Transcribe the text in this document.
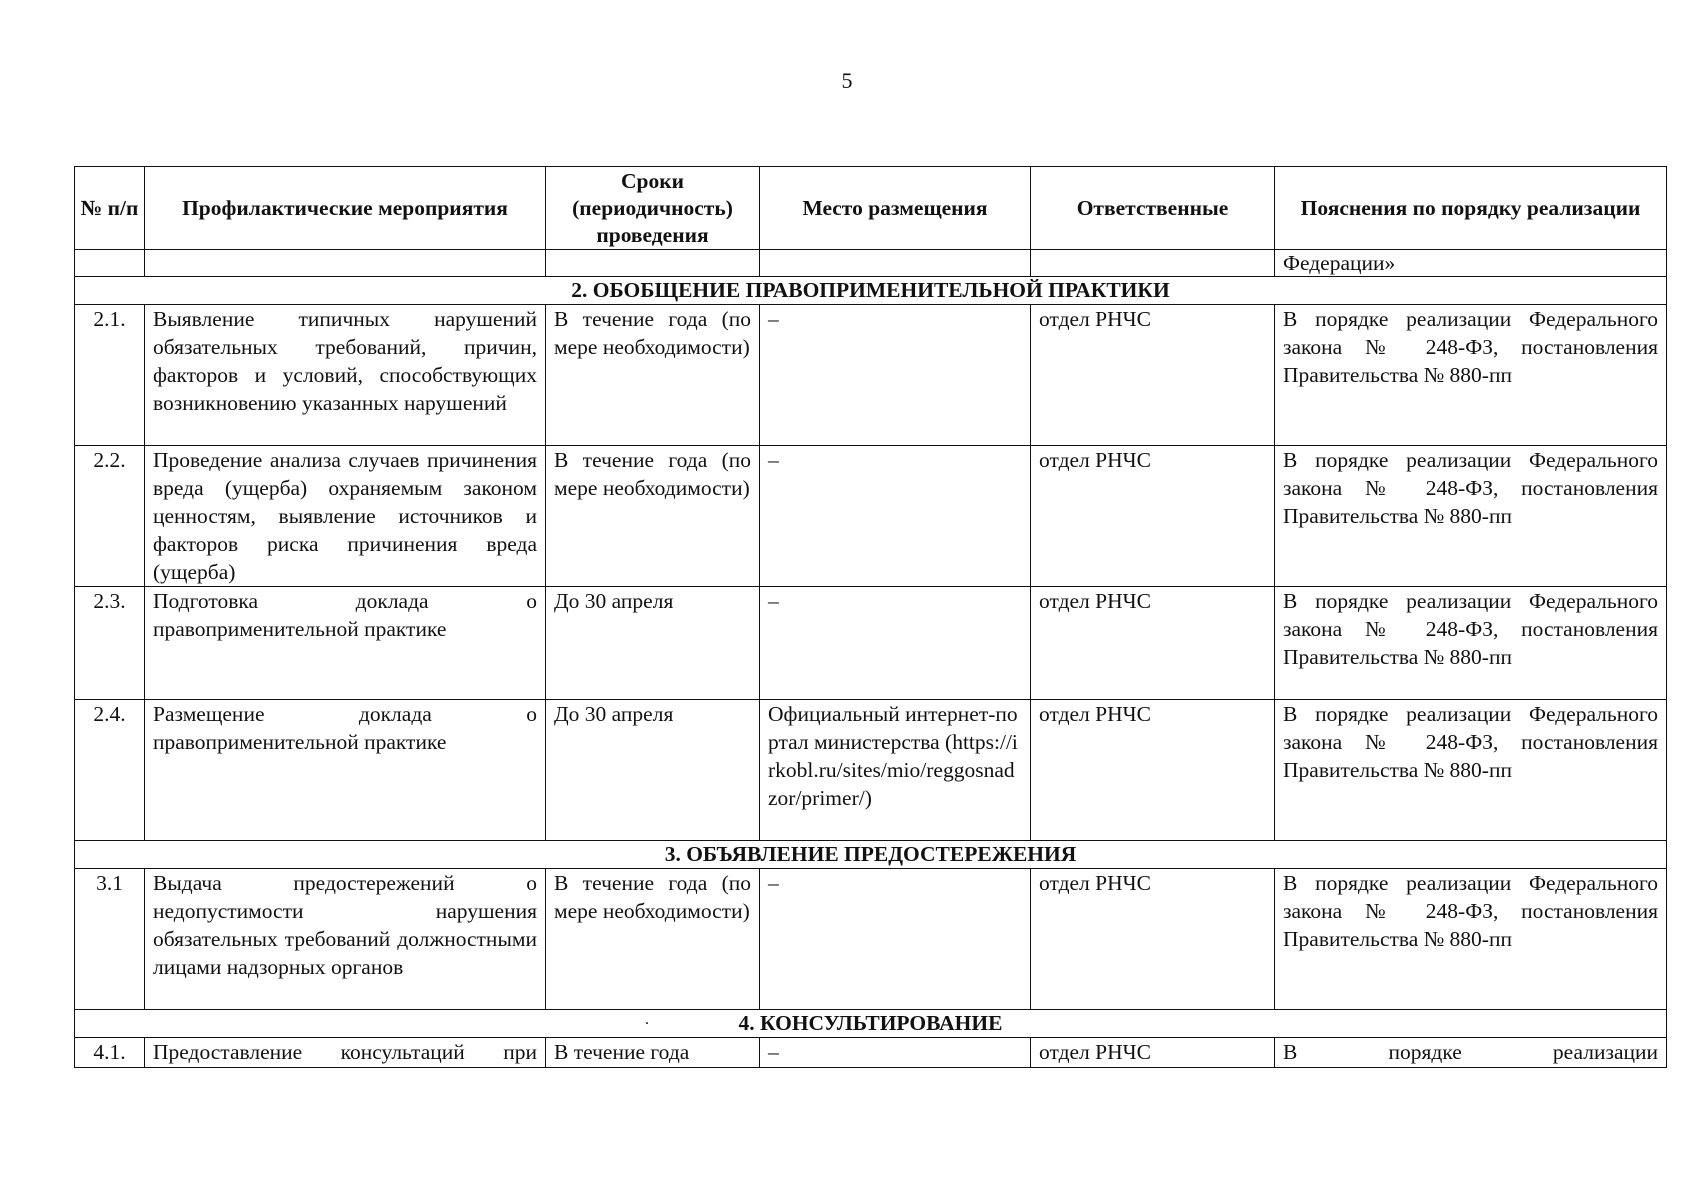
5
№ п/п	Профилактические мероприятия	Сроки (периодичность) проведения	Место размещения	Ответственные	Пояснения по порядку реализации
					Федерации»
2. ОБОБЩЕНИЕ ПРАВОПРИМЕНИТЕЛЬНОЙ ПРАКТИКИ					
2.1.	Выявление типичных нарушений обязательных требований, причин, факторов и условий, способствующих возникновению указанных нарушений	В течение года (по мере необходимости)	–	отдел РНЧС	В порядке реализации Федерального закона № 248-ФЗ, постановления Правительства № 880-пп
2.2.	Проведение анализа случаев причинения вреда (ущерба) охраняемым законом ценностям, выявление источников и факторов риска причинения вреда (ущерба)	В течение года (по мере необходимости)	–	отдел РНЧС	В порядке реализации Федерального закона № 248-ФЗ, постановления Правительства № 880-пп
2.3.	Подготовка доклада о правоприменительной практике	До 30 апреля	–	отдел РНЧС	В порядке реализации Федерального закона № 248-ФЗ, постановления Правительства № 880-пп
2.4.	Размещение доклада о правоприменительной практике	До 30 апреля	Официальный интернет-портал министерства (https://irkobl.ru/sites/mio/reggosnadzor/primer/)	отдел РНЧС	В порядке реализации Федерального закона № 248-ФЗ, постановления Правительства № 880-пп
3. ОБЪЯВЛЕНИЕ ПРЕДОСТЕРЕЖЕНИЯ					
3.1	Выдача предостережений о недопустимости нарушения обязательных требований должностными лицами надзорных органов	В течение года (по мере необходимости)	–	отдел РНЧС	В порядке реализации Федерального закона № 248-ФЗ, постановления Правительства № 880-пп

· 4. КОНСУЛЬТИРОВАНИЕ					
4.1.	Предоставление консультаций при	В течение года	–	отдел РНЧС	В порядке реализации
